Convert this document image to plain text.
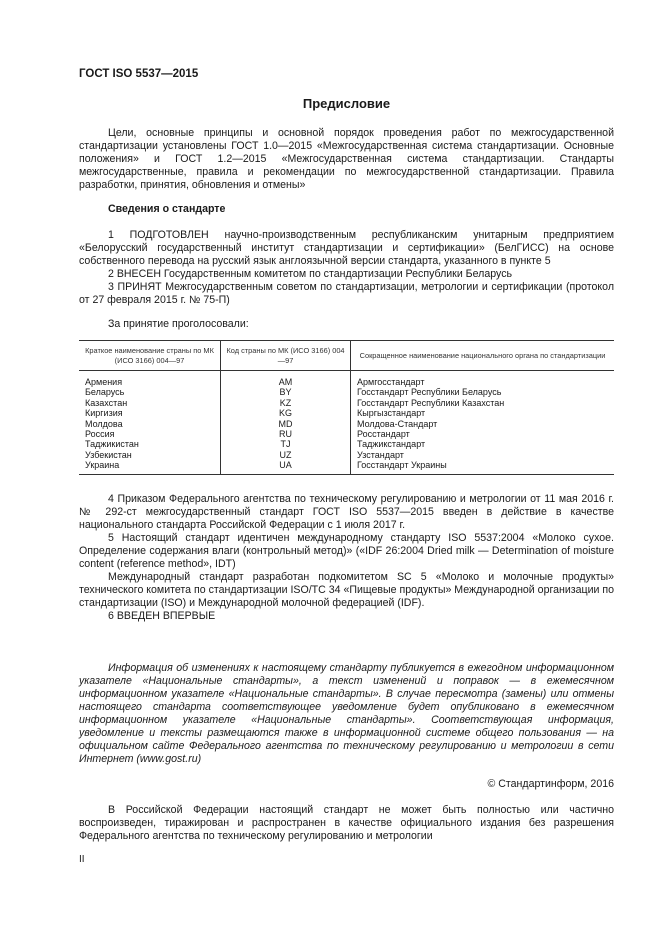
ГОСТ ISO 5537—2015
Предисловие
Цели, основные принципы и основной порядок проведения работ по межгосударственной стандартизации установлены ГОСТ 1.0—2015 «Межгосударственная система стандартизации. Основные положения» и ГОСТ 1.2—2015 «Межгосударственная система стандартизации. Стандарты межгосударственные, правила и рекомендации по межгосударственной стандартизации. Правила разработки, принятия, обновления и отмены»
Сведения о стандарте
1 ПОДГОТОВЛЕН научно-производственным республиканским унитарным предприятием «Белорусский государственный институт стандартизации и сертификации» (БелГИСС) на основе собственного перевода на русский язык англоязычной версии стандарта, указанного в пункте 5
2 ВНЕСЕН Государственным комитетом по стандартизации Республики Беларусь
3 ПРИНЯТ Межгосударственным советом по стандартизации, метрологии и сертификации (протокол от 27 февраля 2015 г. № 75-П)
За принятие проголосовали:
Краткое наименование страны по МК (ИСО 3166) 004—97	Код страны по МК (ИСО 3166) 004—97	Сокращенное наименование национального органа по стандартизации
Армения	AM	Армгосстандарт
Беларусь	BY	Госстандарт Республики Беларусь
Казахстан	KZ	Госстандарт Республики Казахстан
Киргизия	KG	Кыргызстандарт
Молдова	MD	Молдова-Стандарт
Россия	RU	Росстандарт
Таджикистан	TJ	Таджикстандарт
Узбекистан	UZ	Узстандарт
Украина	UA	Госстандарт Украины
4 Приказом Федерального агентства по техническому регулированию и метрологии от 11 мая 2016 г. № 292-ст межгосударственный стандарт ГОСТ ISO 5537—2015 введен в действие в качестве национального стандарта Российской Федерации с 1 июля 2017 г.
5 Настоящий стандарт идентичен международному стандарту ISO 5537:2004 «Молоко сухое. Определение содержания влаги (контрольный метод)» («IDF 26:2004 Dried milk — Determination of moisture content (reference method», IDT)
Международный стандарт разработан подкомитетом SC 5 «Молоко и молочные продукты» технического комитета по стандартизации ISO/TC 34 «Пищевые продукты» Международной организации по стандартизации (ISO) и Международной молочной федерацией (IDF).
6 ВВЕДЕН ВПЕРВЫЕ
Информация об изменениях к настоящему стандарту публикуется в ежегодном информационном указателе «Национальные стандарты», а текст изменений и поправок — в ежемесячном информационном указателе «Национальные стандарты». В случае пересмотра (замены) или отмены настоящего стандарта соответствующее уведомление будет опубликовано в ежемесячном информационном указателе «Национальные стандарты». Соответствующая информация, уведомление и тексты размещаются также в информационной системе общего пользования — на официальном сайте Федерального агентства по техническому регулированию и метрологии в сети Интернет (www.gost.ru)
© Стандартинформ, 2016
В Российской Федерации настоящий стандарт не может быть полностью или частично воспроизведен, тиражирован и распространен в качестве официального издания без разрешения Федерального агентства по техническому регулированию и метрологии
II
